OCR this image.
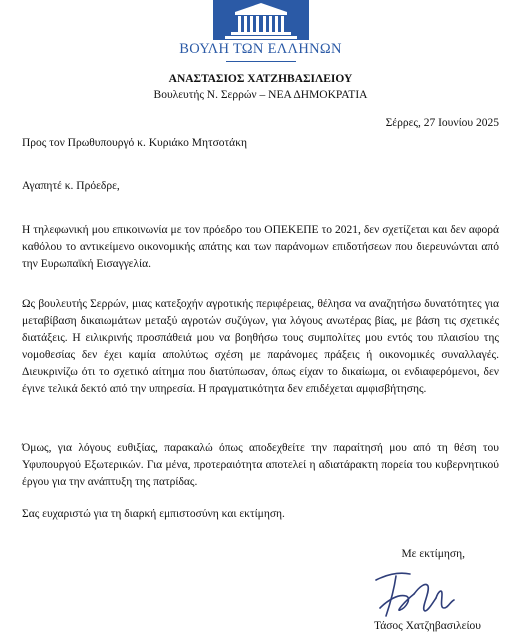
ΒΟΥΛΗ ΤΩΝ ΕΛΛΗΝΩΝ
ΑΝΑΣΤΑΣΙΟΣ ΧΑΤΖΗΒΑΣΙΛΕΙΟΥ
Βουλευτής Ν. Σερρών – ΝΕΑ ΔΗΜΟΚΡΑΤΙΑ
Σέρρες, 27 Ιουνίου 2025
Προς τον Πρωθυπουργό κ. Κυριάκο Μητσοτάκη
Αγαπητέ κ. Πρόεδρε,
Η τηλεφωνική μου επικοινωνία με τον πρόεδρο του ΟΠΕΚΕΠΕ το 2021, δεν σχετίζεται και δεν αφορά καθόλου το αντικείμενο οικονομικής απάτης και των παράνομων επιδοτήσεων που διερευνώνται από την Ευρωπαϊκή Εισαγγελία.
Ως βουλευτής Σερρών, μιας κατεξοχήν αγροτικής περιφέρειας, θέλησα να αναζητήσω δυνατότητες για μεταβίβαση δικαιωμάτων μεταξύ αγροτών συζύγων, για λόγους ανωτέρας βίας, με βάση τις σχετικές διατάξεις. Η ειλικρινής προσπάθειά μου να βοηθήσω τους συμπολίτες μου εντός του πλαισίου της νομοθεσίας δεν έχει καμία απολύτως σχέση με παράνομες πράξεις ή οικονομικές συναλλαγές. Διευκρινίζω ότι το σχετικό αίτημα που διατύπωσαν, όπως είχαν το δικαίωμα, οι ενδιαφερόμενοι, δεν έγινε τελικά δεκτό από την υπηρεσία. Η πραγματικότητα δεν επιδέχεται αμφισβήτησης.
Όμως, για λόγους ευθιξίας, παρακαλώ όπως αποδεχθείτε την παραίτησή μου από τη θέση του Υφυπουργού Εξωτερικών. Για μένα, προτεραιότητα αποτελεί η αδιατάρακτη πορεία του κυβερνητικού έργου για την ανάπτυξη της πατρίδας.
Σας ευχαριστώ για τη διαρκή εμπιστοσύνη και εκτίμηση.
Με εκτίμηση,
Τάσος Χατζηβασιλείου
